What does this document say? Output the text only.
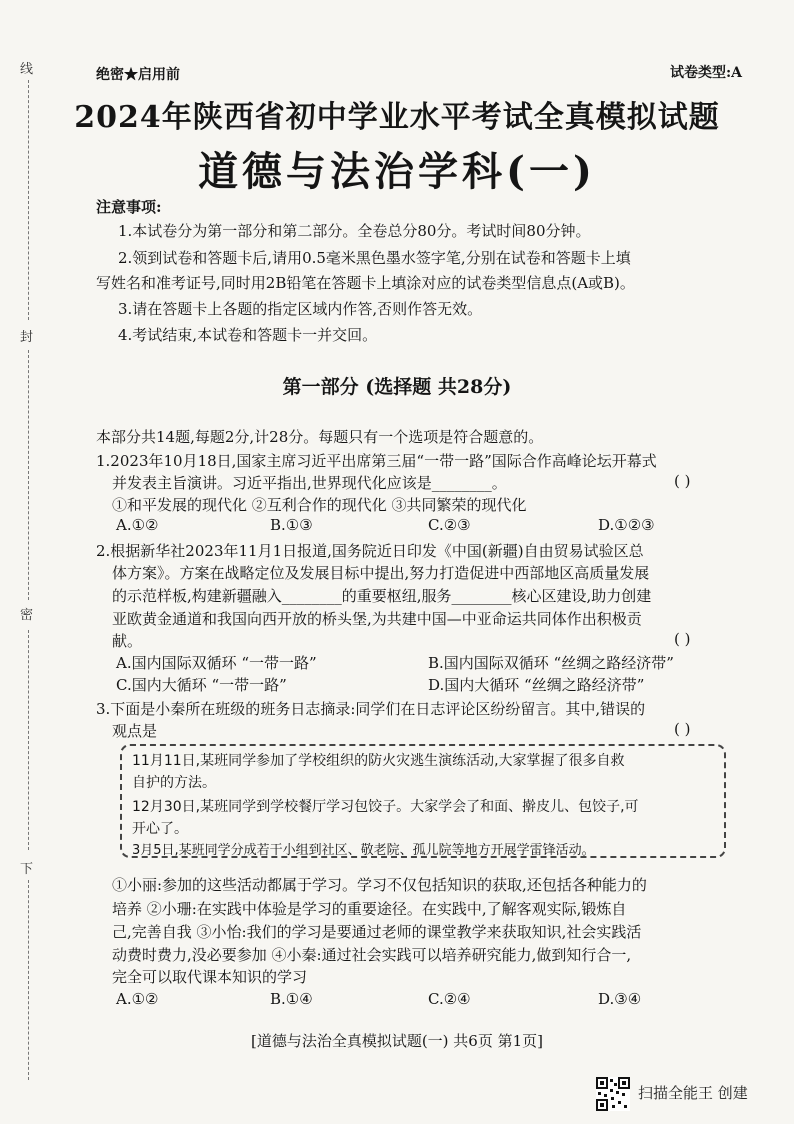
线
封
密
下
绝密★启用前	试卷类型:A
2024年陕西省初中学业水平考试全真模拟试题
道德与法治学科(一)
注意事项:
1.本试卷分为第一部分和第二部分。全卷总分80分。考试时间80分钟。
2.领到试卷和答题卡后,请用0.5毫米黑色墨水签字笔,分别在试卷和答题卡上填
写姓名和准考证号,同时用2B铅笔在答题卡上填涂对应的试卷类型信息点(A或B)。
3.请在答题卡上各题的指定区域内作答,否则作答无效。
4.考试结束,本试卷和答题卡一并交回。
第一部分 (选择题 共28分)
本部分共14题,每题2分,计28分。每题只有一个选项是符合题意的。
1.2023年10月18日,国家主席习近平出席第三届“一带一路”国际合作高峰论坛开幕式
并发表主旨演讲。习近平指出,世界现代化应该是________。	( )
①和平发展的现代化 ②互利合作的现代化 ③共同繁荣的现代化
A.①②	B.①③	C.②③	D.①②③
2.根据新华社2023年11月1日报道,国务院近日印发《中国(新疆)自由贸易试验区总
体方案》。方案在战略定位及发展目标中提出,努力打造促进中西部地区高质量发展
的示范样板,构建新疆融入________的重要枢纽,服务________核心区建设,助力创建
亚欧黄金通道和我国向西开放的桥头堡,为共建中国—中亚命运共同体作出积极贡
献。	( )
A.国内国际双循环 “一带一路”	B.国内国际双循环 “丝绸之路经济带”
C.国内大循环 “一带一路”	D.国内大循环 “丝绸之路经济带”
3.下面是小秦所在班级的班务日志摘录:同学们在日志评论区纷纷留言。其中,错误的
观点是	( )
11月11日,某班同学参加了学校组织的防火灾逃生演练活动,大家掌握了很多自救
自护的方法。
12月30日,某班同学到学校餐厅学习包饺子。大家学会了和面、擀皮儿、包饺子,可
开心了。
3月5日,某班同学分成若干小组到社区、敬老院、孤儿院等地方开展学雷锋活动。
①小丽:参加的这些活动都属于学习。学习不仅包括知识的获取,还包括各种能力的
培养 ②小珊:在实践中体验是学习的重要途径。在实践中,了解客观实际,锻炼自
己,完善自我 ③小怡:我们的学习是要通过老师的课堂教学来获取知识,社会实践活
动费时费力,没必要参加 ④小秦:通过社会实践可以培养研究能力,做到知行合一,
完全可以取代课本知识的学习
A.①②	B.①④	C.②④	D.③④
[道德与法治全真模拟试题(一) 共6页 第1页]
扫描全能王 创建
